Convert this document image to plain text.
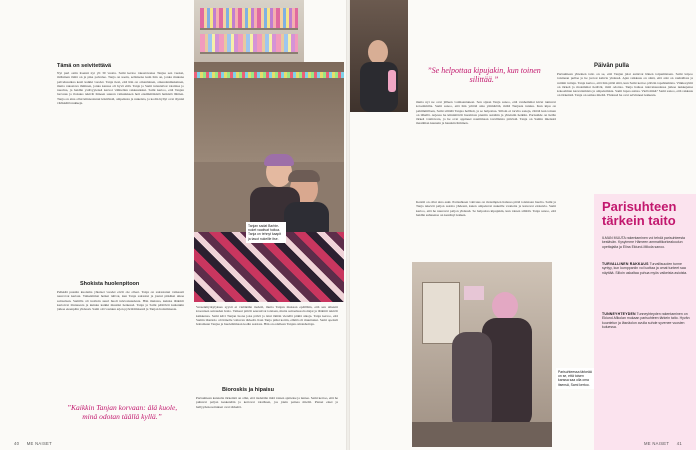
Tämä on seivitettävä
Nyt puri ostin itsensä nyt yli 30 vuotta. Sami kertoo rakastavansa Tanjaa sen vuoksi, millainen tämä on ja pika palvelee. Tanja on usein, sellaisena kuin hän on, jonka mukana palvelusaikaa kesti kaikki vuodet. Tanja tiesi, että hän on omanlainen, oikeudenmukainen, mutta rakastava ihminen, jonka kanssa oli hyvä elää. Tanja ja Sami tutustuivat toisiinsa jo nuorina, ja heidän ystävyytensä kasvoi vähitellen rakkaudeksi. Sami kertoo, että Tanjan luovuus ja iloisuus tekivät häneen suuren vaikutuksen heti ensimmäisistä hetkistä lähtien. Tanja on aina ollut kiinnostunut käsitöistä, ompelusta ja nukeista, ja kodin hyllyt ovat täynnä värikkäitä nukkeja.
Shokista huolenpitoon
Pelkkää pussiin kuolema yhteiset vuodet eivät ole olleet. Tanja on sairastanut vaikeasti neuvovat kertaat. Vaikeimmat hetket tulivat, kun Tanja sairastui ja joutui pitkäksi aikaa sairaalaan. Samilla oli tuolloin suuri huoli tulevaisuudesta. Hän muistaa, kuinka lääkärit kertoivat tilanteesta ja kuinka kaikki muuttui hetkessä. Tanja ja Sami päättivät kuitenkin jatkaa eteenpäin yhdessä. Sami otti vastuun arjen pyörittämisestä ja Tanjan hoitamisesta.
Tanjan sadat Barbie-nuket vaativat hoitoa. Tanja on tehnyt kaapit ja tasot nukeille itse.
Vereenmyrkytykses syysit ei vieläkään tiedetä, mutta Tanjan mukaan epäillään, että sen aiheutti kroonisen sairauden hoito. Vaikeat päivät seurasivat toisiaan, mutta sairaalassa hoitajat ja lääkärit tekivät kaikkensa. Sami kävi Tanjan luona joka päivä ja istui tämän vierellä pitkiä aikoja. Tanja kertoo, että Samin läsnäolo oli hänelle valtavan tärkeää. Kun Tanja pääsi kotiin, elämä oli muuttunut. Sami opetteli hoitamaan Tanjaa ja huolehtimaan kodin asioista. Hän on edelleen Tanjan omaishoitaja.
Bioroskis ja hipaisu
Parisuhteen kannalta tärkeintä on ollut, että tiedetään mitä toinen ajattelee ja tuntee. Sami kertoo, että he puhuvat paljon keskenään ja kertovat toisilleen, jos jokin painaa mieltä. Pienet eleet ja hellyydenosoitukset ovat tärkeitä.
”Kaikkin Tanjan korvaan: älä kuole, minä odotan täällä kyllä.”
40 ME NAISET
”Se helpottaa kipujakin, kun toinen silittää.”
mutta nyt ne ovat jälleen voimaantuneet. Sen sijaan Tanja sanoo, että vanhemmat kivut tuntuvat kovemmilta. Sami sanoo, että hän yrittää aina ymmärtää, miltä Tanjasta tuntuu. Kun kipu on pahimmillaan, Sami silittää Tanjaa hellästi, ja se helpottaa. Silloin ei tarvita sanoja, riittää kun toinen on lähellä. Arjessa he kiinnittävät huomiota pieniin asioihin ja yhteisiin hetkiin. Parisuhde on heille tärkeä voimavara, ja he ovat oppineet nauttimaan tavallisista päivistä. Tanja on Samin mielestä maailman kaunein ja hauskin ihminen.
Kenttä on ollut aina auki. Parisuhteen vahvuus on molempien halussa pitää toisistaan huolta. Sami ja Tanja tekevät paljon asioita yhdessä, kuten ompelevat nukeille vaatteita ja katsovat elokuvia. Sami kertoo, että he nauravat paljon yhdessä. Se helpottaa kipujakin, kun toinen silittää. Tanja sanoo, että heidän suhteensa on kestänyt kaiken.
Päivän pulla
Parisuhteen yhteinen taito on se, että Tanjan jalat auttavat hänen toipumistaan. Sami leipoo toisinaan pullaa ja he juovat kahvia yhdessä. Ajan raikkaus on siinä, että arki on rauhallista ja rutiinit tuttuja. Tanja kertoo, että hän pitää siitä, kun Sami kertoo päivän tapahtumista. Viikkorytmi on tärkeä ja molemmat tietävät, mitä odottaa. Tanja haluaa tulevaisuudessa jatkaa nukkejensa kokoelman kasvattamista ja ompelemista. Sami lupaa auttaa. Vielä mikä? Sami sanoo, että rakkaus on tärkeintä. Tanja on samaa mieltä. Yhdessä he ovat selvinneet kaikesta.
Parisuhteen tärkein taito
ILMAN MUUTA rakentaminen voi tehdä parisuhteesta kestävän. Kysyimme Hämeen ammattikorkeakoulun opettajalta ja Elina Ekiund-Mikola sanoo.
TURVALLINEN RAKKAUS Turvallisuuden tunne syntyy, kun kumppaniin voi luottaa ja omat tunteet saa näyttää. Silloin uskaltaa puhua myös vaikeista asioista.
TUNNEYHTEYDEN Tunneyhteyden rakentaminen on Ekiund-Mikolan mukaan parisuhteen tärkein taito. Hyvän kuuntelun ja läsnäolon avulla suhde syvenee vuosien kuluessa.
Parisuhteessa tärkeää on se, että toisen kanssa saa olla oma itsensä, Sami kertoo.
ME NAISET 41
